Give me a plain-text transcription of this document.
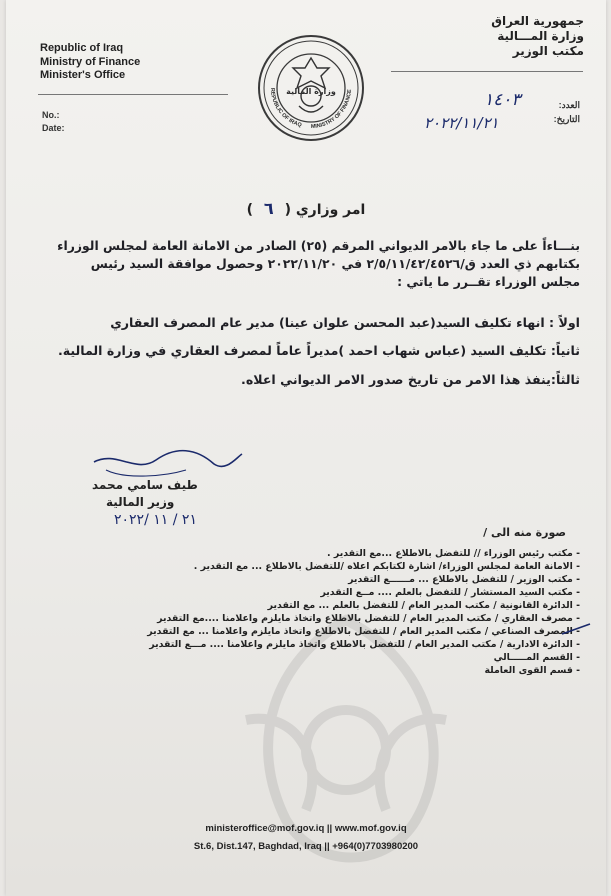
Republic of Iraq
Ministry of Finance
Minister's Office
No.:
Date:
جمهورية العراق
وزارة المـــالية
مكتب الوزير
العدد:
التاريخ:
١٤٠٣
٢٠٢٢/١١/٢١
وزارة المالية
REPUBLIC OF IRAQ MINISTRY OF FINANCE
امر وزاري ( ٦ )
بنـــاءاً على ما جاء بالامر الديواني المرقم (٢٥) الصادر من الامانة العامة لمجلس الوزراء
بكتابهم ذي العدد ق/٢/٥/١١/٤٢/٤٥٢٦ في ٢٠٢٢/١١/٢٠ وحصول موافقة السيد رئيس
مجلس الوزراء تقــرر ما ياتي :
اولاً : انهاء تكليف السيد(عبد المحسن علوان عينا) مدير عام المصرف العقاري
ثانياً: تكليف السيد (عباس شهاب احمد )مديراً عاماً لمصرف العقاري في وزارة المالية.
ثالثاً:ينفذ هذا الامر من تاريخ صدور الامر الديواني اعلاه.
طيف سامي محمد
وزير المالية
٢١ / ١١ /٢٠٢٢
صورة منه الى /
- مكتب رئيس الوزراء // للتفضل بالاطلاع ...مع التقدير .
- الامانة العامة لمجلس الوزراء/ اشارة لكتابكم اعلاه /للتفضل بالاطلاع ... مع التقدير .
- مكتب الوزير / للتفضل بالاطلاع ... مــــــع التقدير
- مكتب السيد المستشار / للتفضل بالعلم .... مــع التقدير
- الدائرة القانونية / مكتب المدير العام / للتفضل بالعلم ... مع التقدير
- مصرف العقاري / مكتب المدير العام / للتفضل بالاطلاع واتخاذ مايلزم واعلامنا ....مع التقدير
- المصرف الصناعي / مكتب المدير العام / للتفضل بالاطلاع واتخاذ مايلزم واعلامنا ... مع التقدير
- الدائرة الادارية / مكتب المدير العام / للتفضل بالاطلاع واتخاذ مايلزم واعلامنا .... مـــع التقدير
- القسم المـــــالي
- قسم القوى العاملة
ministeroffice@mof.gov.iq || www.mof.gov.iq
St.6, Dist.147, Baghdad, Iraq || +964(0)7703980200
